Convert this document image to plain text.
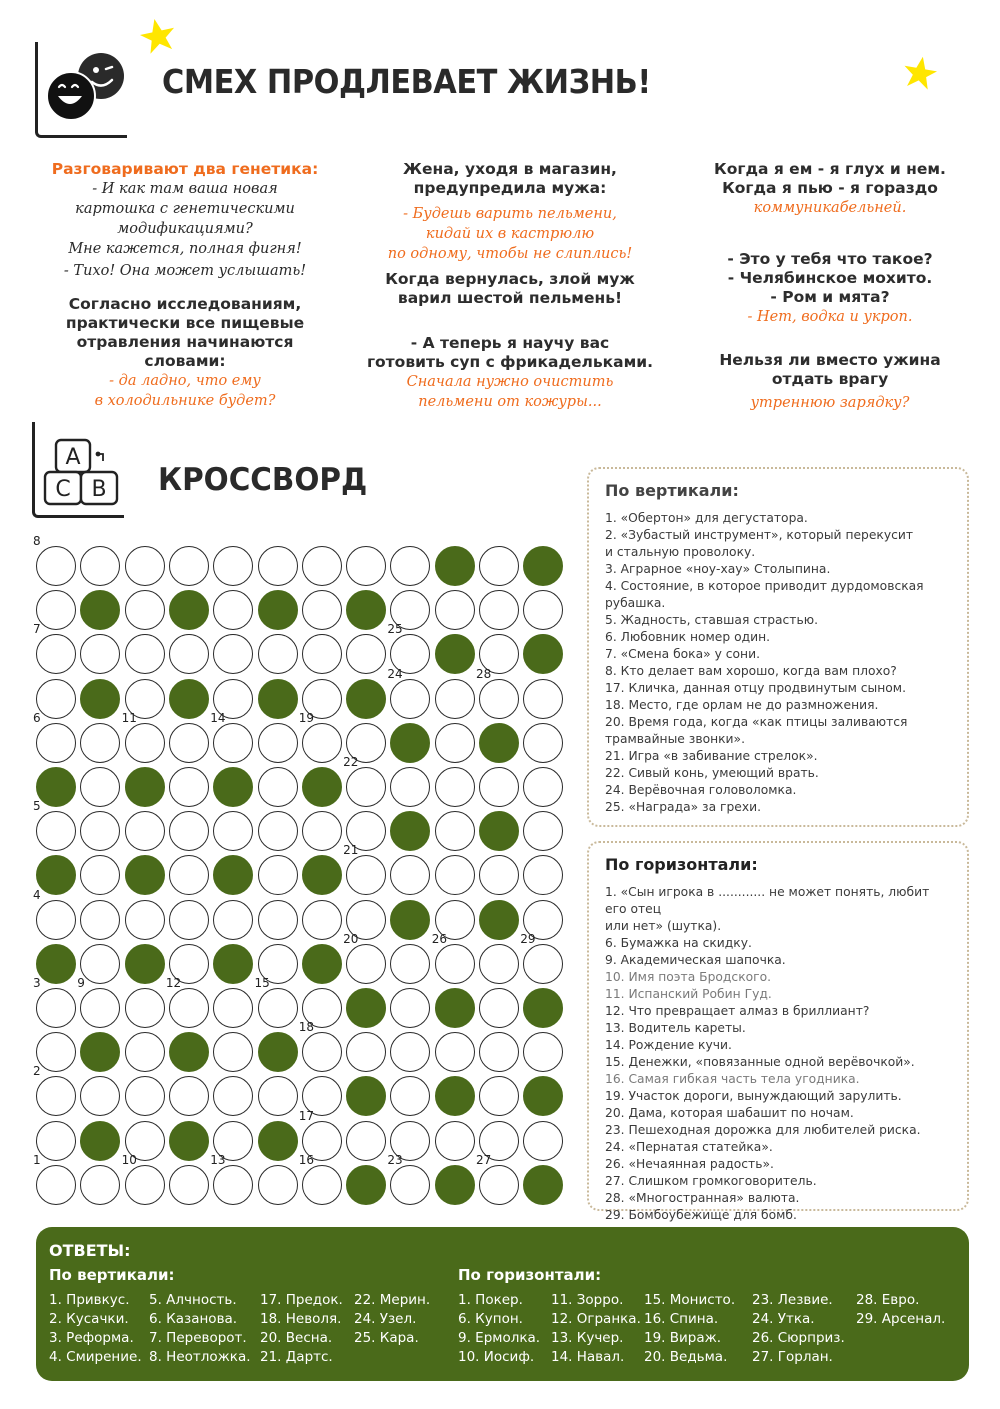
СМЕХ ПРОДЛЕВАЕТ ЖИЗНЬ!
Разговаривают два генетика:
- И как там ваша новая
картошка с генетическими
модификациями?
Мне кажется, полная фигня!
- Тихо! Она может услышать!
Согласно исследованиям,
практически все пищевые
отравления начинаются
словами:
- да ладно, что ему
в холодильнике будет?
Жена, уходя в магазин,
предупредила мужа:
- Будешь варить пельмени,
кидай их в кастрюлю
по одному, чтобы не слиплись!
Когда вернулась, злой муж
варил шестой пельмень!
- А теперь я научу вас
готовить суп с фрикадельками.
Сначала нужно очистить
пельмени от кожуры...
Когда я ем - я глух и нем.
Когда я пью - я гораздо
коммуникабельней.
- Это у тебя что такое?
- Челябинское мохито.
- Ром и мята?
- Нет, водка и укроп.
Нельзя ли вместо ужина
отдать врагу
утреннюю зарядку?
A
C B КРОССВОРД
8
7	25
24	28
6	11	14	19
22
5
21
4
20	26	29
3	9	12	15
18
2
17
1	10	13	16	23	27
По вертикали:
1. «Обертон» для дегустатора.
2. «Зубастый инструмент», который перекусит
и стальную проволоку.
3. Аграрное «ноу-хау» Столыпина.
4. Состояние, в которое приводит дурдомовская
рубашка.
5. Жадность, ставшая страстью.
6. Любовник номер один.
7. «Смена бока» у сони.
8. Кто делает вам хорошо, когда вам плохо?
17. Кличка, данная отцу продвинутым сыном.
18. Место, где орлам не до размножения.
20. Время года, когда «как птицы заливаются
трамвайные звонки».
21. Игра «в забивание стрелок».
22. Сивый конь, умеющий врать.
24. Верёвочная головоломка.
25. «Награда» за грехи.
По горизонтали:
1. «Сын игрока в ............ не может понять, любит его отец
или нет» (шутка).
6. Бумажка на скидку.
9. Академическая шапочка.
10. Имя поэта Бродского.
11. Испанский Робин Гуд.
12. Что превращает алмаз в бриллиант?
13. Водитель кареты.
14. Рождение кучи.
15. Денежки, «повязанные одной верёвочкой».
16. Самая гибкая часть тела угодника.
19. Участок дороги, вынуждающий зарулить.
20. Дама, которая шабашит по ночам.
23. Пешеходная дорожка для любителей риска.
24. «Пернатая статейка».
26. «Нечаянная радость».
27. Слишком громкоговоритель.
28. «Многостранная» валюта.
29. Бомбоубежище для бомб.
ОТВЕТЫ:
По вертикали:	По горизонтали:
1. Привкус.
2. Кусачки.
3. Реформа.
4. Смирение.
5. Алчность.
6. Казанова.
7. Переворот.
8. Неотложка.
17. Предок.
18. Неволя.
20. Весна.
21. Дартс.
22. Мерин.
24. Узел.
25. Кара.
1. Покер.
6. Купон.
9. Ермолка.
10. Иосиф.
11. Зорро.
12. Огранка.
13. Кучер.
14. Навал.
15. Монисто.
16. Спина.
19. Вираж.
20. Ведьма.
23. Лезвие.
24. Утка.
26. Сюрприз.
27. Горлан.
28. Евро.
29. Арсенал.
